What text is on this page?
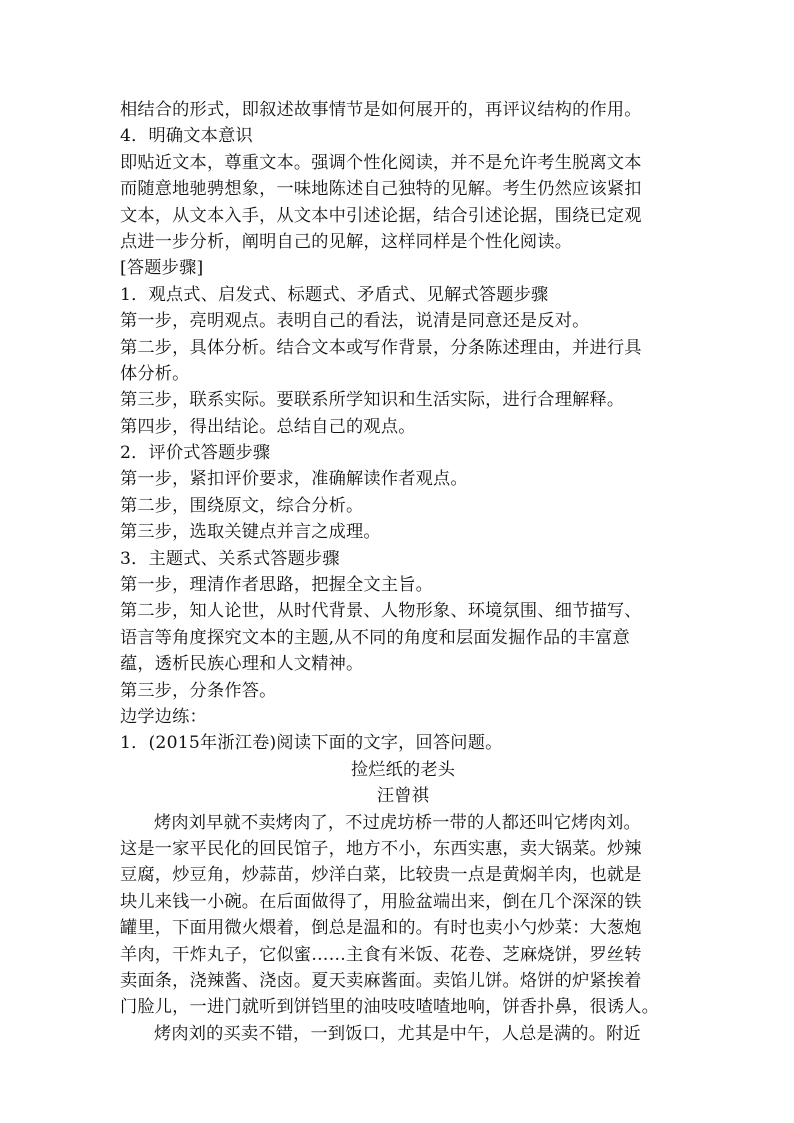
相结合的形式，即叙述故事情节是如何展开的，再评议结构的作用。
4．明确文本意识
即贴近文本，尊重文本。强调个性化阅读，并不是允许考生脱离文本
而随意地驰骋想象，一味地陈述自己独特的见解。考生仍然应该紧扣
文本，从文本入手，从文本中引述论据，结合引述论据，围绕已定观
点进一步分析，阐明自己的见解，这样同样是个性化阅读。
[答题步骤]
1．观点式、启发式、标题式、矛盾式、见解式答题步骤
第一步，亮明观点。表明自己的看法，说清是同意还是反对。
第二步，具体分析。结合文本或写作背景，分条陈述理由，并进行具
体分析。
第三步，联系实际。要联系所学知识和生活实际，进行合理解释。
第四步，得出结论。总结自己的观点。
2．评价式答题步骤
第一步，紧扣评价要求，准确解读作者观点。
第二步，围绕原文，综合分析。
第三步，选取关键点并言之成理。
3．主题式、关系式答题步骤
第一步，理清作者思路，把握全文主旨。
第二步，知人论世，从时代背景、人物形象、环境氛围、细节描写、
语言等角度探究文本的主题,从不同的角度和层面发掘作品的丰富意
蕴，透析民族心理和人文精神。
第三步，分条作答。
边学边练：
1．(2015年浙江卷)阅读下面的文字，回答问题。
捡烂纸的老头
汪曾祺
烤肉刘早就不卖烤肉了，不过虎坊桥一带的人都还叫它烤肉刘。
这是一家平民化的回民馆子，地方不小，东西实惠，卖大锅菜。炒辣
豆腐，炒豆角，炒蒜苗，炒洋白菜，比较贵一点是黄焖羊肉，也就是
块儿来钱一小碗。在后面做得了，用脸盆端出来，倒在几个深深的铁
罐里，下面用微火煨着，倒总是温和的。有时也卖小勺炒菜：大葱炮
羊肉，干炸丸子，它似蜜……主食有米饭、花卷、芝麻烧饼，罗丝转
卖面条，浇辣酱、浇卤。夏天卖麻酱面。卖馅儿饼。烙饼的炉紧挨着
门脸儿，一进门就听到饼铛里的油吱吱喳喳地响，饼香扑鼻，很诱人。
烤肉刘的买卖不错，一到饭口，尤其是中午，人总是满的。附近
